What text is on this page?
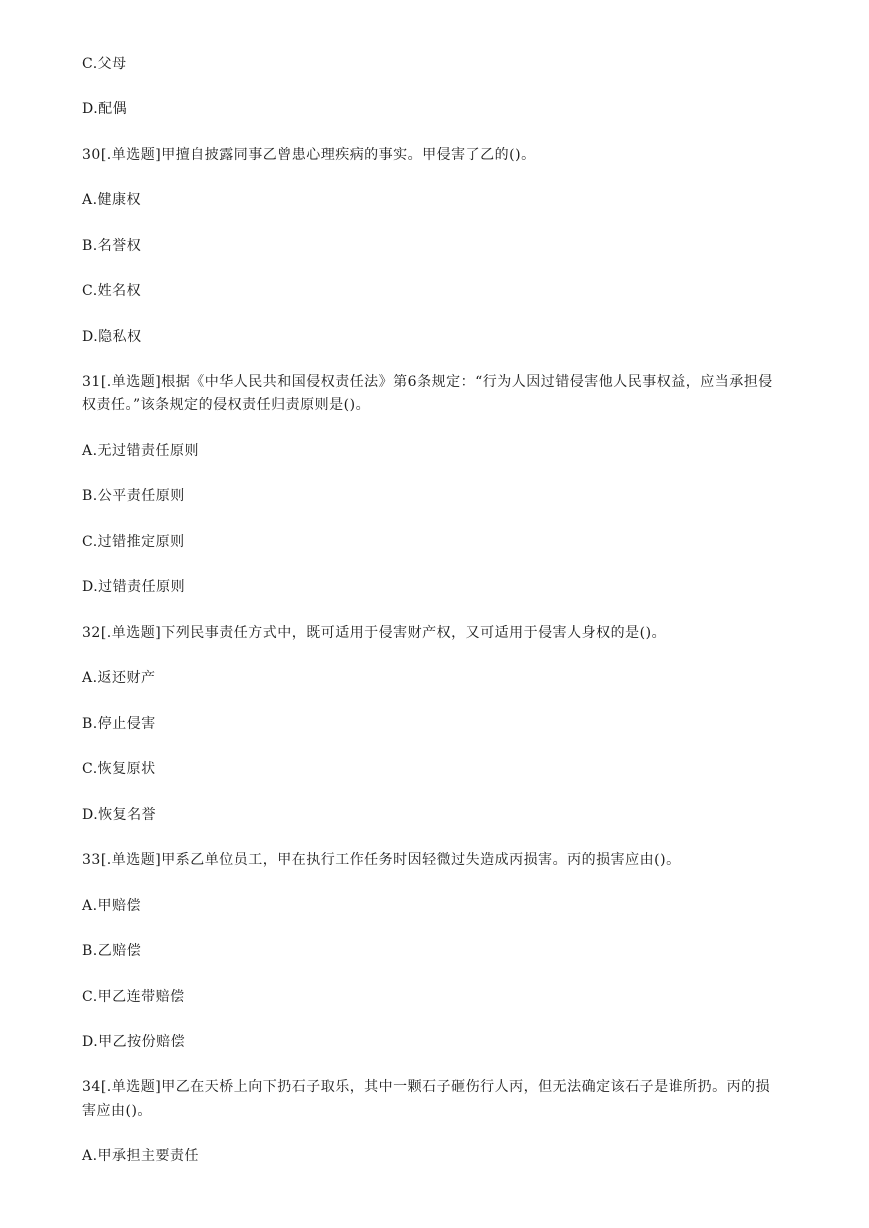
C.父母

D.配偶

30[.单选题]甲擅自披露同事乙曾患心理疾病的事实。甲侵害了乙的()。

A.健康权

B.名誉权

C.姓名权

D.隐私权

31[.单选题]根据《中华人民共和国侵权责任法》第6条规定：“行为人因过错侵害他人民事权益，应当承担侵

权责任。”该条规定的侵权责任归责原则是()。

A.无过错责任原则

B.公平责任原则

C.过错推定原则

D.过错责任原则

32[.单选题]下列民事责任方式中，既可适用于侵害财产权，又可适用于侵害人身权的是()。

A.返还财产

B.停止侵害

C.恢复原状

D.恢复名誉

33[.单选题]甲系乙单位员工，甲在执行工作任务时因轻微过失造成丙损害。丙的损害应由()。

A.甲赔偿

B.乙赔偿

C.甲乙连带赔偿

D.甲乙按份赔偿

34[.单选题]甲乙在天桥上向下扔石子取乐，其中一颗石子砸伤行人丙，但无法确定该石子是谁所扔。丙的损

害应由()。

A.甲承担主要责任
